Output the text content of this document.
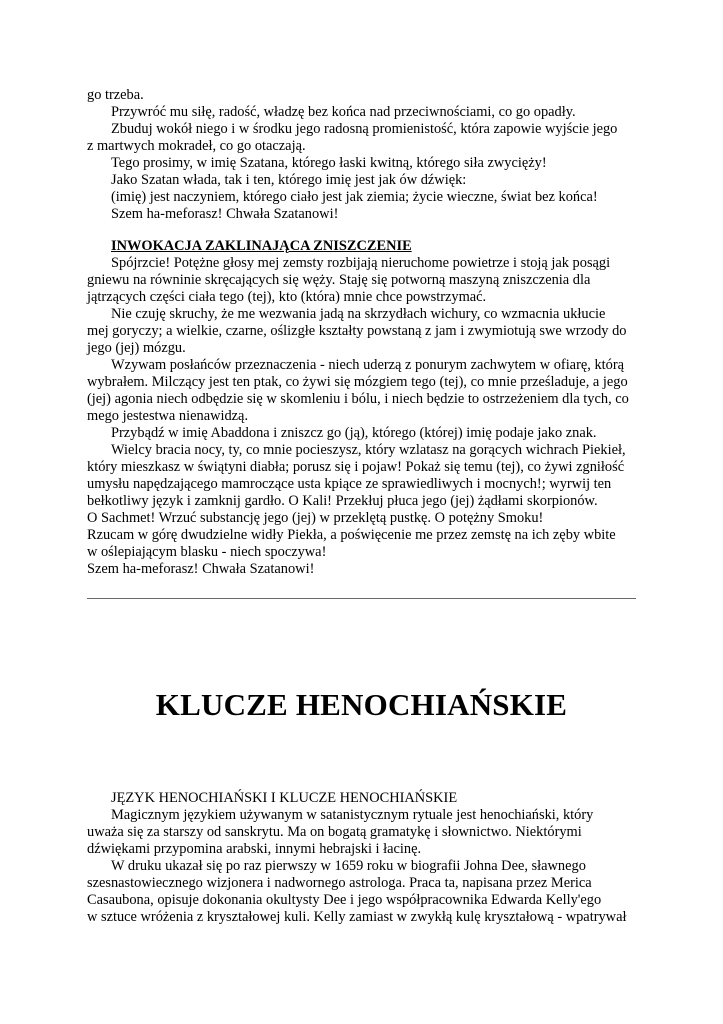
go trzeba.
Przywróć mu siłę, radość, władzę bez końca nad przeciwnościami, co go opadły.
Zbuduj wokół niego i w środku jego radosną promienistość, która zapowie wyjście jego
z martwych mokradeł, co go otaczają.
Tego prosimy, w imię Szatana, którego łaski kwitną, którego siła zwycięży!
Jako Szatan włada, tak i ten, którego imię jest jak ów dźwięk:
(imię) jest naczyniem, którego ciało jest jak ziemia; życie wieczne, świat bez końca!
Szem ha-meforasz! Chwała Szatanowi!
INWOKACJA ZAKLINAJĄCA ZNISZCZENIE
Spójrzcie! Potężne głosy mej zemsty rozbijają nieruchome powietrze i stoją jak posągi
gniewu na równinie skręcających się węży. Staję się potworną maszyną zniszczenia dla
jątrzących części ciała tego (tej), kto (która) mnie chce powstrzymać.
Nie czuję skruchy, że me wezwania jadą na skrzydłach wichury, co wzmacnia ukłucie
mej goryczy; a wielkie, czarne, oślizgłe kształty powstaną z jam i zwymiotują swe wrzody do
jego (jej) mózgu.
Wzywam posłańców przeznaczenia - niech uderzą z ponurym zachwytem w ofiarę, którą
wybrałem. Milczący jest ten ptak, co żywi się mózgiem tego (tej), co mnie prześladuje, a jego
(jej) agonia niech odbędzie się w skomleniu i bólu, i niech będzie to ostrzeżeniem dla tych, co
mego jestestwa nienawidzą.
Przybądź w imię Abaddona i zniszcz go (ją), którego (której) imię podaje jako znak.
Wielcy bracia nocy, ty, co mnie pocieszysz, który wzlatasz na gorących wichrach Piekieł,
który mieszkasz w świątyni diabła; porusz się i pojaw! Pokaż się temu (tej), co żywi zgniłość
umysłu napędzającego mamroczące usta kpiące ze sprawiedliwych i mocnych!; wyrwij ten
bełkotliwy język i zamknij gardło. O Kali! Przekłuj płuca jego (jej) żądłami skorpionów.
O Sachmet! Wrzuć substancję jego (jej) w przeklętą pustkę. O potężny Smoku!
Rzucam w górę dwudzielne widły Piekła, a poświęcenie me przez zemstę na ich zęby wbite
w oślepiającym blasku - niech spoczywa!
Szem ha-meforasz! Chwała Szatanowi!
KLUCZE HENOCHIAŃSKIE
JĘZYK HENOCHIAŃSKI I KLUCZE HENOCHIAŃSKIE
Magicznym językiem używanym w satanistycznym rytuale jest henochiański, który
uważa się za starszy od sanskrytu. Ma on bogatą gramatykę i słownictwo. Niektórymi
dźwiękami przypomina arabski, innymi hebrajski i łacinę.
W druku ukazał się po raz pierwszy w 1659 roku w biografii Johna Dee, sławnego
szesnastowiecznego wizjonera i nadwornego astrologa. Praca ta, napisana przez Merica
Casaubona, opisuje dokonania okultysty Dee i jego współpracownika Edwarda Kelly'ego
w sztuce wróżenia z kryształowej kuli. Kelly zamiast w zwykłą kulę kryształową - wpatrywał
